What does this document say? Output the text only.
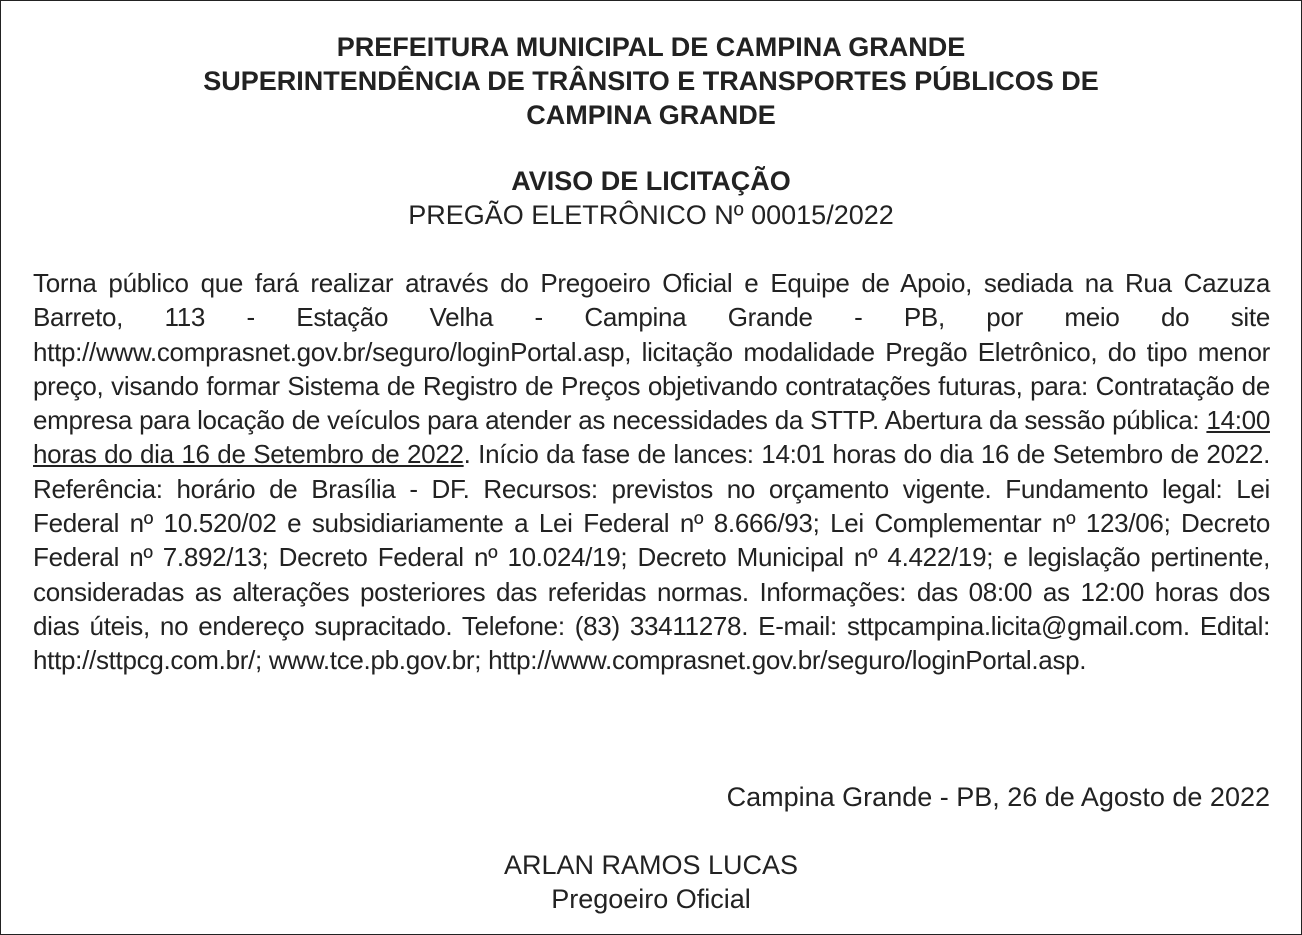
PREFEITURA MUNICIPAL DE CAMPINA GRANDE
SUPERINTENDÊNCIA DE TRÂNSITO E TRANSPORTES PÚBLICOS DE
CAMPINA GRANDE
AVISO DE LICITAÇÃO
PREGÃO ELETRÔNICO Nº 00015/2022
Torna público que fará realizar através do Pregoeiro Oficial e Equipe de Apoio, sediada na Rua Cazuza Barreto, 113 - Estação Velha - Campina Grande - PB, por meio do site http://www.comprasnet.gov.br/seguro/loginPortal.asp, licitação modalidade Pregão Eletrônico, do tipo menor preço, visando formar Sistema de Registro de Preços objetivando contratações futuras, para: Contratação de empresa para locação de veículos para atender as necessidades da STTP. Abertura da sessão pública: 14:00 horas do dia 16 de Setembro de 2022. Início da fase de lances: 14:01 horas do dia 16 de Setembro de 2022. Referência: horário de Brasília - DF. Recursos: previstos no orçamento vigente. Fundamento legal: Lei Federal nº 10.520/02 e subsidiariamente a Lei Federal nº 8.666/93; Lei Complementar nº 123/06; Decreto Federal nº 7.892/13; Decreto Federal nº 10.024/19; Decreto Municipal nº 4.422/19; e legislação pertinente, consideradas as alterações posteriores das referidas normas. Informações: das 08:00 as 12:00 horas dos dias úteis, no endereço supracitado. Telefone: (83) 33411278. E-mail: sttpcampina.licita@gmail.com. Edital: http://sttpcg.com.br/; www.tce.pb.gov.br; http://www.comprasnet.gov.br/seguro/loginPortal.asp.
Campina Grande - PB, 26 de Agosto de 2022
ARLAN RAMOS LUCAS
Pregoeiro Oficial
